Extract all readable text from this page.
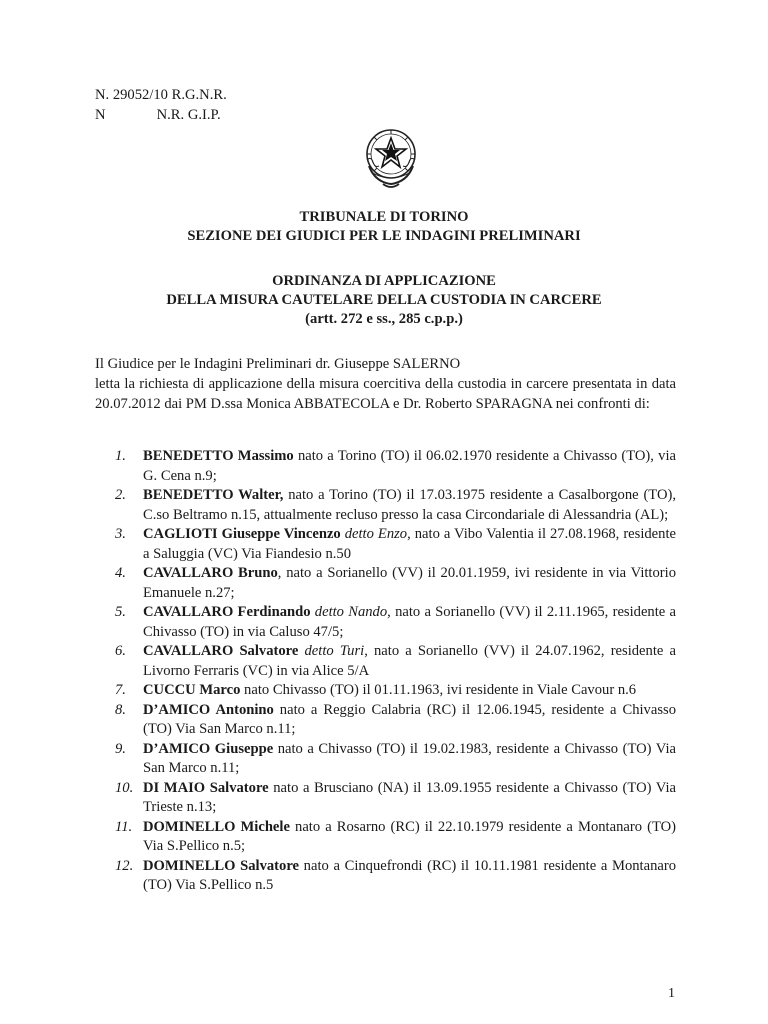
N. 29052/10 R.G.N.R.
N              N.R. G.I.P.
TRIBUNALE DI TORINO
SEZIONE DEI GIUDICI PER LE INDAGINI PRELIMINARI
ORDINANZA DI APPLICAZIONE
DELLA MISURA CAUTELARE DELLA CUSTODIA IN CARCERE
(artt. 272 e ss., 285 c.p.p.)

Il Giudice per le Indagini Preliminari dr. Giuseppe SALERNO

letta la richiesta di applicazione della misura coercitiva della custodia in carcere presentata in data 20.07.2012 dai PM D.ssa Monica ABBATECOLA e Dr. Roberto SPARAGNA nei confronti di:

1. BENEDETTO Massimo nato a Torino (TO) il 06.02.1970 residente a Chivasso (TO), via G. Cena n.9;
2. BENEDETTO Walter, nato a Torino (TO) il 17.03.1975 residente a Casalborgone (TO), C.so Beltramo n.15, attualmente recluso presso la casa Circondariale di Alessandria (AL);
3. CAGLIOTI Giuseppe Vincenzo detto Enzo, nato a Vibo Valentia il 27.08.1968, residente a Saluggia (VC) Via Fiandesio n.50
4. CAVALLARO Bruno, nato a Sorianello (VV) il 20.01.1959, ivi residente in via Vittorio Emanuele n.27;
5. CAVALLARO Ferdinando detto Nando, nato a Sorianello (VV) il 2.11.1965, residente a Chivasso (TO) in via Caluso 47/5;
6. CAVALLARO Salvatore detto Turi, nato a Sorianello (VV) il 24.07.1962, residente a Livorno Ferraris (VC) in via Alice 5/A
7. CUCCU Marco nato Chivasso (TO) il 01.11.1963, ivi residente in Viale Cavour n.6
8. D’AMICO Antonino nato a Reggio Calabria (RC) il 12.06.1945, residente a Chivasso (TO) Via San Marco n.11;
9. D’AMICO Giuseppe nato a Chivasso (TO) il 19.02.1983, residente a Chivasso (TO) Via San Marco n.11;
10. DI MAIO Salvatore nato a Brusciano (NA) il 13.09.1955 residente a Chivasso (TO) Via Trieste n.13;
11. DOMINELLO Michele nato a Rosarno (RC) il 22.10.1979 residente a Montanaro (TO) Via S.Pellico n.5;
12. DOMINELLO Salvatore nato a Cinquefrondi (RC) il 10.11.1981 residente a Montanaro (TO) Via S.Pellico n.5
1
